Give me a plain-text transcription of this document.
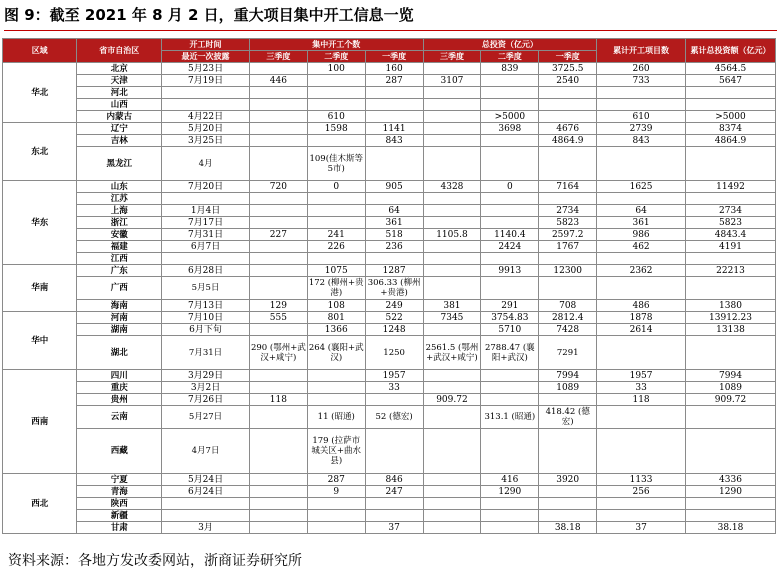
图 9：截至 2021 年 8 月 2 日，重大项目集中开工信息一览
区域	省市自治区	开工时间	集中开工个数			总投资（亿元）			累计开工项目数	累计总投资额（亿元）
		最近一次披露	三季度	二季度	一季度	三季度	二季度	一季度		
华北	北京	5月23日		100	160		839	3725.5	260	4564.5
	天津	7月19日	446		287	3107		2540	733	5647
	河北									
	山西									
	内蒙古	4月22日		610			>5000		610	>5000
东北	辽宁	5月20日		1598	1141		3698	4676	2739	8374
	吉林	3月25日			843			4864.9	843	4864.9
	黑龙江	4月		109(佳木斯等5市)						
华东	山东	7月20日	720	0	905	4328	0	7164	1625	11492
	江苏									
	上海	1月4日			64			2734	64	2734
	浙江	7月17日			361			5823	361	5823
	安徽	7月31日	227	241	518	1105.8	1140.4	2597.2	986	4843.4
	福建	6月7日		226	236		2424	1767	462	4191
	江西									
华南	广东	6月28日		1075	1287		9913	12300	2362	22213
	广西	5月5日		172 (柳州+贵港)	306.33 (柳州+贵港)					
	海南	7月13日	129	108	249	381	291	708	486	1380
华中	河南	7月10日	555	801	522	7345	3754.83	2812.4	1878	13912.23
	湖南	6月下旬		1366	1248		5710	7428	2614	13138
	湖北	7月31日	290 (鄂州+武汉+咸宁)	264 (襄阳+武汉)	1250	2561.5 (鄂州+武汉+咸宁)	2788.47 (襄阳+武汉)	7291		
西南	四川	3月29日			1957			7994	1957	7994
	重庆	3月2日			33			1089	33	1089
	贵州	7月26日	118			909.72			118	909.72
	云南	5月27日		11 (昭通)	52 (德宏)		313.1 (昭通)	418.42 (德宏)		
	西藏	4月7日		179 (拉萨市城关区+曲水县)						
西北	宁夏	5月24日		287	846		416	3920	1133	4336
	青海	6月24日		9	247		1290		256	1290
	陕西									
	新疆									
	甘肃	3月			37			38.18	37	38.18
资料来源：各地方发改委网站，浙商证券研究所
